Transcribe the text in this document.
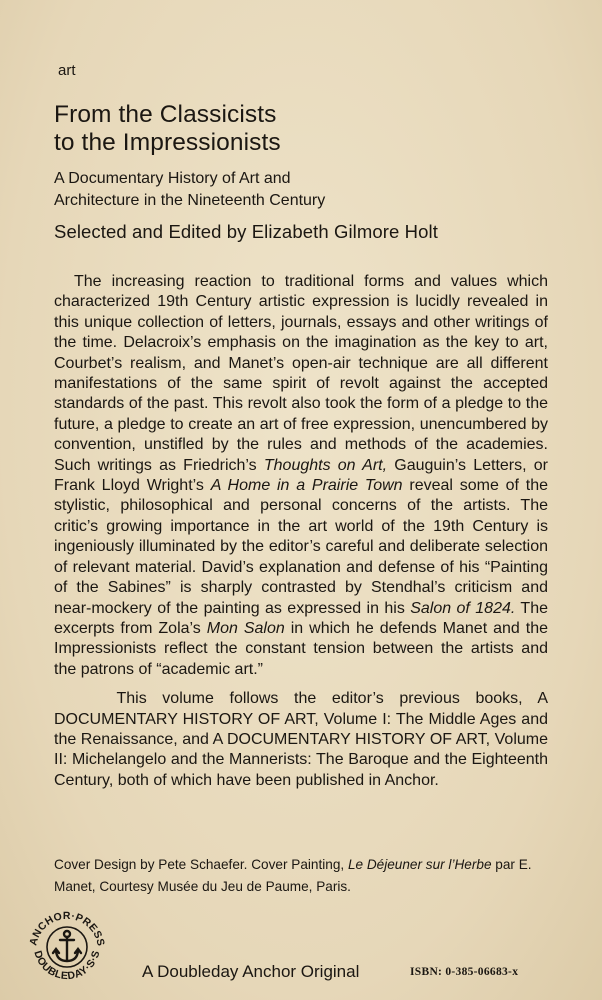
art
From the Classicists
to the Impressionists
A Documentary History of Art and
Architecture in the Nineteenth Century
Selected and Edited by Elizabeth Gilmore Holt

The increasing reaction to traditional forms and values which characterized 19th Century artistic expression is lucidly revealed in this unique collection of letters, journals, essays and other writings of the time. Delacroix’s emphasis on the imagination as the key to art, Courbet’s realism, and Manet’s open-air technique are all different manifestations of the same spirit of revolt against the accepted standards of the past. This revolt also took the form of a pledge to the future, a pledge to create an art of free expression, unencumbered by convention, unstifled by the rules and methods of the academies. Such writings as Friedrich’s Thoughts on Art, Gauguin’s Letters, or Frank Lloyd Wright’s A Home in a Prairie Town reveal some of the stylistic, philosophical and personal concerns of the artists. The critic’s growing importance in the art world of the 19th Century is ingeniously illuminated by the editor’s careful and deliberate selection of relevant material. David’s explanation and defense of his “Painting of the Sabines” is sharply contrasted by Stendhal’s criticism and near-mockery of the painting as expressed in his Salon of 1824. The excerpts from Zola’s Mon Salon in which he defends Manet and the Impressionists reflect the constant tension between the artists and the patrons of “academic art.”

This volume follows the editor’s previous books, A DOCUMENTARY HISTORY OF ART, Volume I: The Middle Ages and the Renaissance, and A DOCUMENTARY HISTORY OF ART, Volume II: Michelangelo and the Mannerists: The Baroque and the Eighteenth Century, both of which have been published in Anchor.

Cover Design by Pete Schaefer. Cover Painting, Le Déjeuner sur l’Herbe par E. Manet, Courtesy Musée du Jeu de Paume, Paris.
ANCHOR·PRESS
DOUBLEDAY·S·S
A Doubleday Anchor Original	ISBN: 0-385-06683-x
